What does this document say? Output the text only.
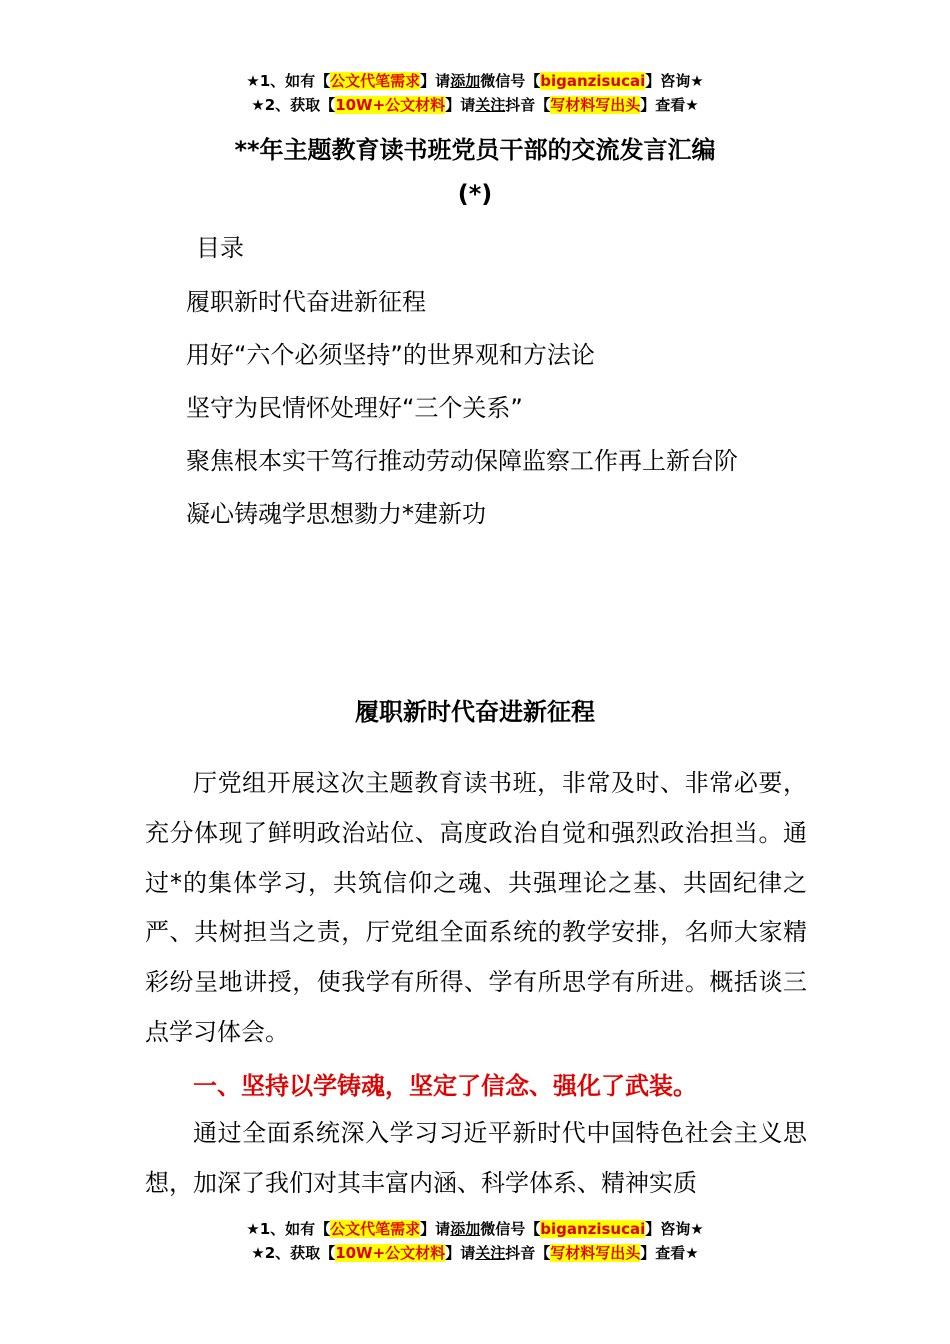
★1、如有【公文代笔需求】请添加微信号【biganzisucai】咨询★
★2、获取【10W+公文材料】请关注抖音【写材料写出头】查看★
**年主题教育读书班党员干部的交流发言汇编
(*)
目录
履职新时代奋进新征程
用好“六个必须坚持”的世界观和方法论
坚守为民情怀处理好“三个关系”
聚焦根本实干笃行推动劳动保障监察工作再上新台阶
凝心铸魂学思想勠力*建新功
履职新时代奋进新征程
厅党组开展这次主题教育读书班，非常及时、非常必要，充分体现了鲜明政治站位、高度政治自觉和强烈政治担当。通过*的集体学习，共筑信仰之魂、共强理论之基、共固纪律之严、共树担当之责，厅党组全面系统的教学安排，名师大家精彩纷呈地讲授，使我学有所得、学有所思学有所进。概括谈三点学习体会。
一、坚持以学铸魂，坚定了信念、强化了武装。
通过全面系统深入学习习近平新时代中国特色社会主义思想，加深了我们对其丰富内涵、科学体系、精神实质
★1、如有【公文代笔需求】请添加微信号【biganzisucai】咨询★
★2、获取【10W+公文材料】请关注抖音【写材料写出头】查看★
